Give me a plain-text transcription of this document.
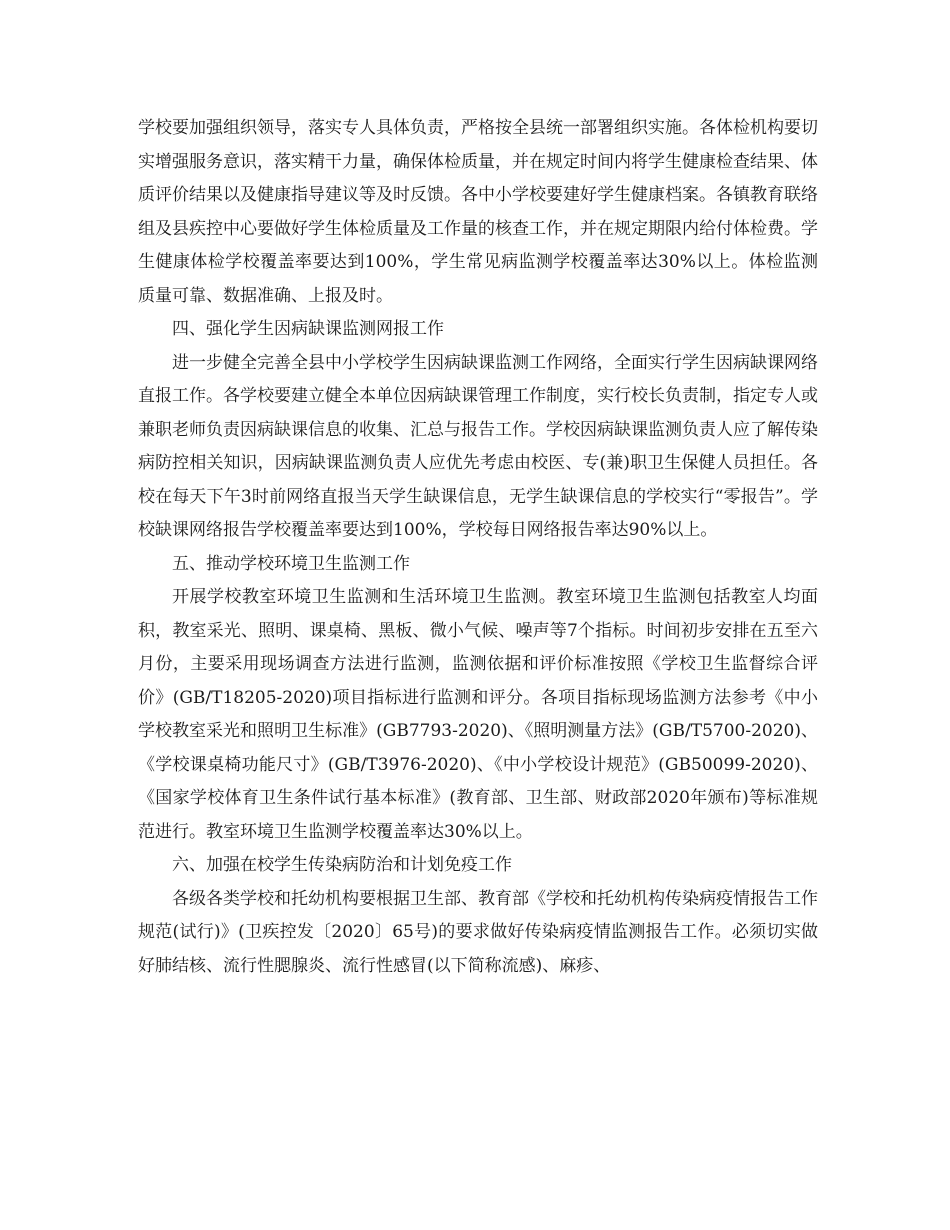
学校要加强组织领导，落实专人具体负责，严格按全县统一部署组织实施。各体检机构要切实增强服务意识，落实精干力量，确保体检质量，并在规定时间内将学生健康检查结果、体质评价结果以及健康指导建议等及时反馈。各中小学校要建好学生健康档案。各镇教育联络组及县疾控中心要做好学生体检质量及工作量的核查工作，并在规定期限内给付体检费。学生健康体检学校覆盖率要达到100%，学生常见病监测学校覆盖率达30%以上。体检监测质量可靠、数据准确、上报及时。

四、强化学生因病缺课监测网报工作

进一步健全完善全县中小学校学生因病缺课监测工作网络，全面实行学生因病缺课网络直报工作。各学校要建立健全本单位因病缺课管理工作制度，实行校长负责制，指定专人或兼职老师负责因病缺课信息的收集、汇总与报告工作。学校因病缺课监测负责人应了解传染病防控相关知识，因病缺课监测负责人应优先考虑由校医、专(兼)职卫生保健人员担任。各校在每天下午3时前网络直报当天学生缺课信息，无学生缺课信息的学校实行“零报告”。学校缺课网络报告学校覆盖率要达到100%，学校每日网络报告率达90%以上。

五、推动学校环境卫生监测工作

开展学校教室环境卫生监测和生活环境卫生监测。教室环境卫生监测包括教室人均面积，教室采光、照明、课桌椅、黑板、微小气候、噪声等7个指标。时间初步安排在五至六月份，主要采用现场调查方法进行监测，监测依据和评价标准按照《学校卫生监督综合评价》(GB/T18205-2020)项目指标进行监测和评分。各项目指标现场监测方法参考《中小学校教室采光和照明卫生标准》(GB7793-2020)、《照明测量方法》(GB/T5700-2020)、《学校课桌椅功能尺寸》(GB/T3976-2020)、《中小学校设计规范》(GB50099-2020)、《国家学校体育卫生条件试行基本标准》(教育部、卫生部、财政部2020年颁布)等标准规范进行。教室环境卫生监测学校覆盖率达30%以上。

六、加强在校学生传染病防治和计划免疫工作

各级各类学校和托幼机构要根据卫生部、教育部《学校和托幼机构传染病疫情报告工作规范(试行)》(卫疾控发〔2020〕65号)的要求做好传染病疫情监测报告工作。必须切实做好肺结核、流行性腮腺炎、流行性感冒(以下简称流感)、麻疹、
